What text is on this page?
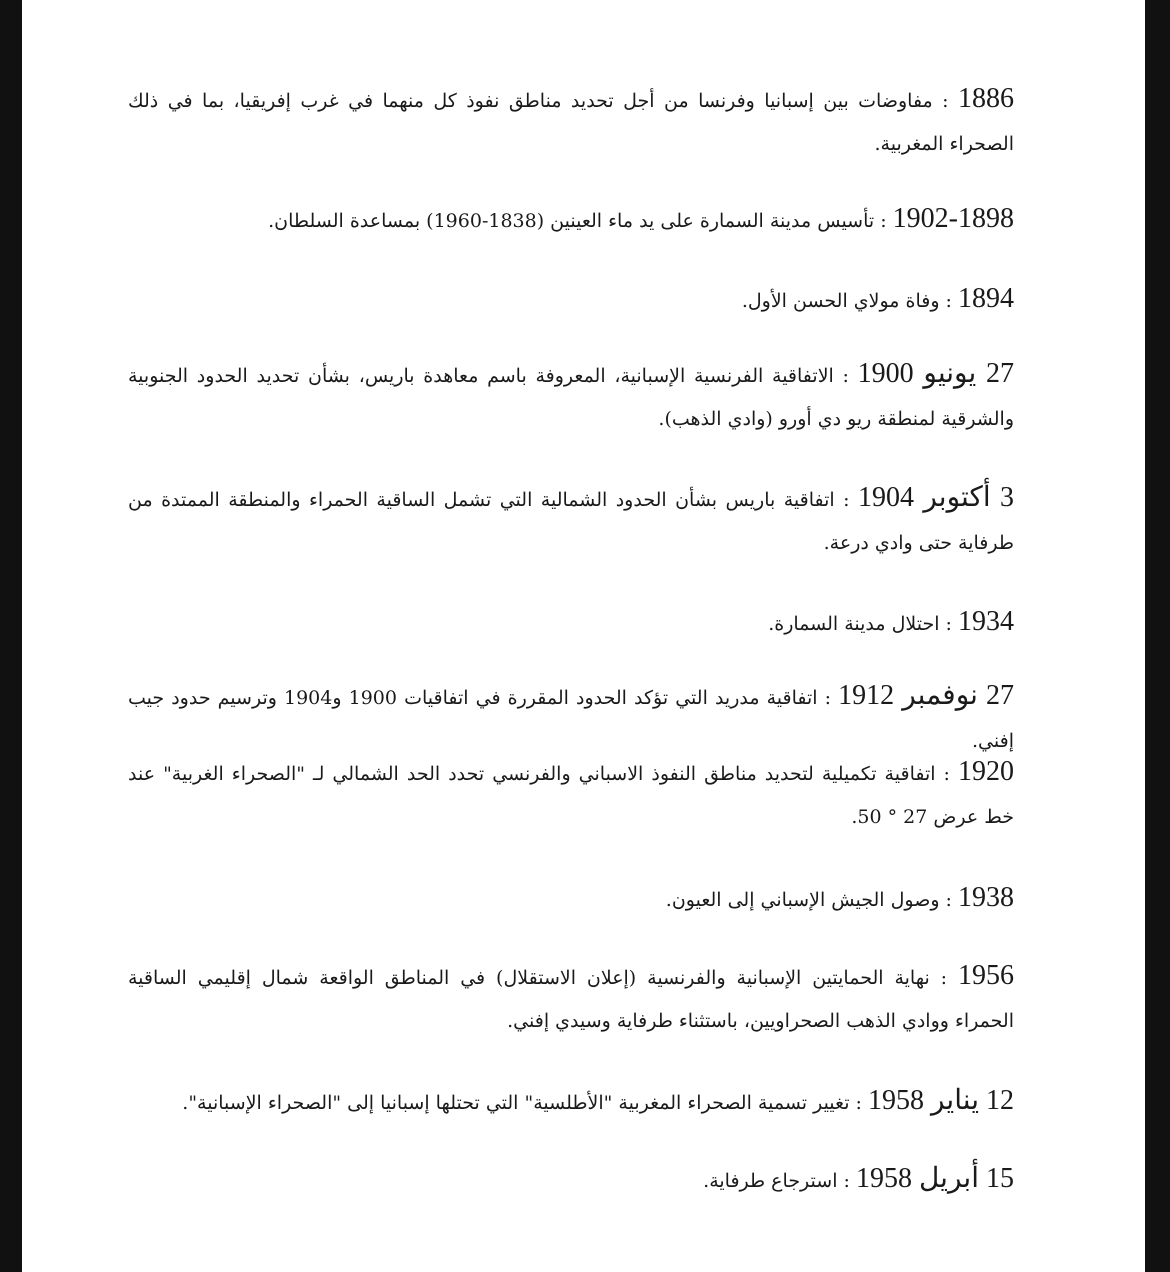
1886 : مفاوضات بين إسبانيا وفرنسا من أجل تحديد مناطق نفوذ كل منهما في غرب إفريقيا، بما في ذلك الصحراء المغربية.
1902-1898 : تأسيس مدينة السمارة على يد ماء العينين (1838-1960) بمساعدة السلطان.
1894 : وفاة مولاي الحسن الأول.
27 يونيو 1900 : الاتفاقية الفرنسية الإسبانية، المعروفة باسم معاهدة باريس، بشأن تحديد الحدود الجنوبية والشرقية لمنطقة ريو دي أورو (وادي الذهب).
3 أكتوبر 1904 : اتفاقية باريس بشأن الحدود الشمالية التي تشمل الساقية الحمراء والمنطقة الممتدة من طرفاية حتى وادي درعة.
1934 : احتلال مدينة السمارة.
27 نوفمبر 1912 : اتفاقية مدريد التي تؤكد الحدود المقررة في اتفاقيات 1900 و1904 وترسيم حدود جيب إفني.
1920 : اتفاقية تكميلية لتحديد مناطق النفوذ الاسباني والفرنسي تحدد الحد الشمالي لـ "الصحراء الغربية" عند خط عرض 27 ° 50.
1938 : وصول الجيش الإسباني إلى العيون.
1956 : نهاية الحمايتين الإسبانية والفرنسية (إعلان الاستقلال) في المناطق الواقعة شمال إقليمي الساقية الحمراء ووادي الذهب الصحراويين، باستثناء طرفاية وسيدي إفني.
12 يناير 1958 : تغيير تسمية الصحراء المغربية "الأطلسية" التي تحتلها إسبانيا إلى "الصحراء الإسبانية".
15 أبريل 1958 : استرجاع طرفاية.
